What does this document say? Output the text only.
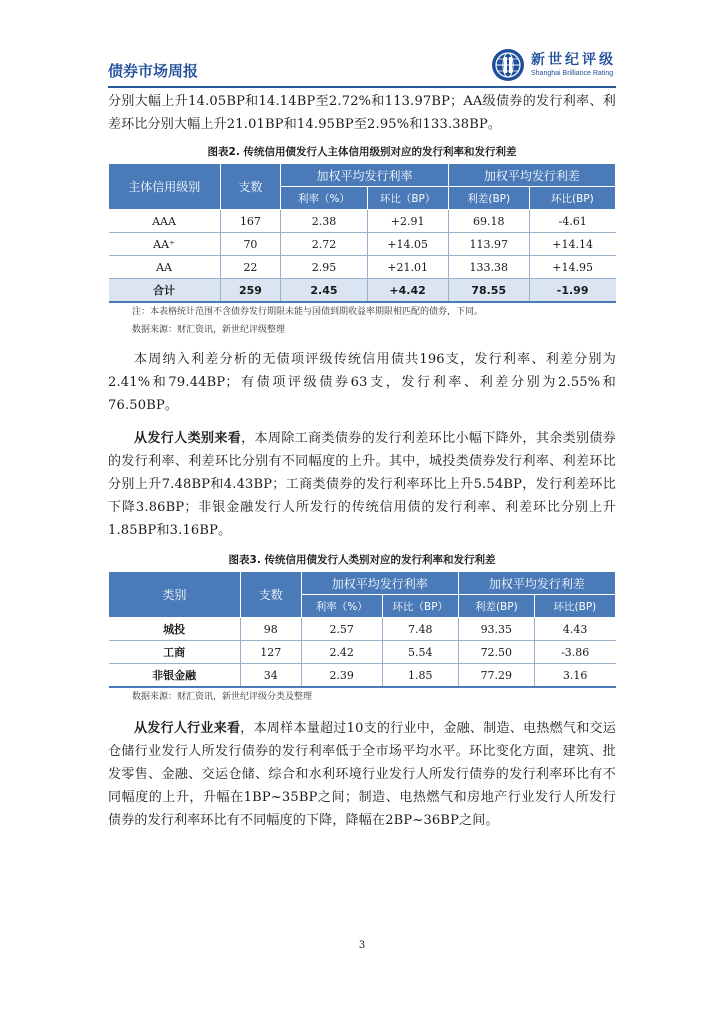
债券市场周报
新世纪评级
Shanghai Brilliance Rating

分别大幅上升14.05BP和14.14BP至2.72%和113.97BP；AA级债券的发行利率、利差环比分别大幅上升21.01BP和14.95BP至2.95%和133.38BP。

图表2. 传统信用债发行人主体信用级别对应的发行利率和发行利差
主体信用级别	支数	加权平均发行利率		加权平均发行利差	
		利率（%）	环比（BP）	利差(BP)	环比(BP)
AAA	167	2.38	+2.91	69.18	-4.61
AA⁺	70	2.72	+14.05	113.97	+14.14
AA	22	2.95	+21.01	133.38	+14.95
合计	259	2.45	+4.42	78.55	-1.99
注：本表格统计范围不含债券发行期限未能与国债到期收益率期限相匹配的债券，下同。
数据来源：财汇资讯，新世纪评级整理

本周纳入利差分析的无债项评级传统信用债共196支，发行利率、利差分别为2.41%和79.44BP；有债项评级债券63支，发行利率、利差分别为2.55%和76.50BP。

从发行人类别来看，本周除工商类债券的发行利差环比小幅下降外，其余类别债券的发行利率、利差环比分别有不同幅度的上升。其中，城投类债券发行利率、利差环比分别上升7.48BP和4.43BP；工商类债券的发行利率环比上升5.54BP，发行利差环比下降3.86BP；非银金融发行人所发行的传统信用债的发行利率、利差环比分别上升1.85BP和3.16BP。

图表3. 传统信用债发行人类别对应的发行利率和发行利差
类别	支数	加权平均发行利率		加权平均发行利差	
		利率（%）	环比（BP）	利差(BP)	环比(BP)
城投	98	2.57	7.48	93.35	4.43
工商	127	2.42	5.54	72.50	-3.86
非银金融	34	2.39	1.85	77.29	3.16
数据来源：财汇资讯，新世纪评级分类及整理

从发行人行业来看，本周样本量超过10支的行业中，金融、制造、电热燃气和交运仓储行业发行人所发行债券的发行利率低于全市场平均水平。环比变化方面，建筑、批发零售、金融、交运仓储、综合和水利环境行业发行人所发行债券的发行利率环比有不同幅度的上升，升幅在1BP~35BP之间；制造、电热燃气和房地产行业发行人所发行债券的发行利率环比有不同幅度的下降，降幅在2BP~36BP之间。

3
